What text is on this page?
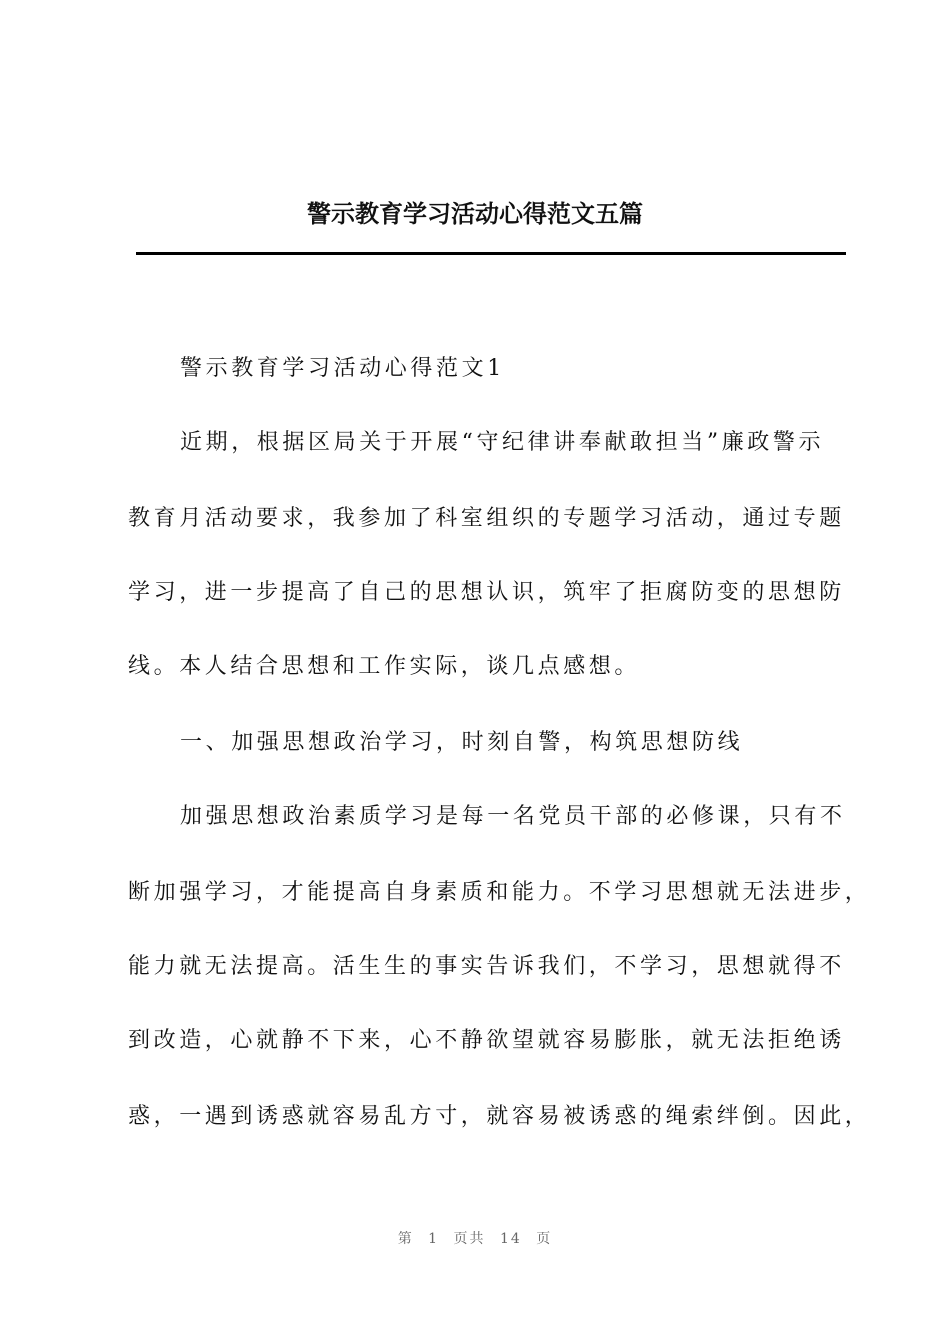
警示教育学习活动心得范文五篇

警示教育学习活动心得范文1

近期，根据区局关于开展“守纪律讲奉献敢担当”廉政警示

教育月活动要求，我参加了科室组织的专题学习活动，通过专题

学习，进一步提高了自己的思想认识，筑牢了拒腐防变的思想防

线。本人结合思想和工作实际，谈几点感想。

一、加强思想政治学习，时刻自警，构筑思想防线

加强思想政治素质学习是每一名党员干部的必修课，只有不

断加强学习，才能提高自身素质和能力。不学习思想就无法进步，

能力就无法提高。活生生的事实告诉我们，不学习，思想就得不

到改造，心就静不下来，心不静欲望就容易膨胀，就无法拒绝诱

惑，一遇到诱惑就容易乱方寸，就容易被诱惑的绳索绊倒。因此，

第 1 页共 14 页
